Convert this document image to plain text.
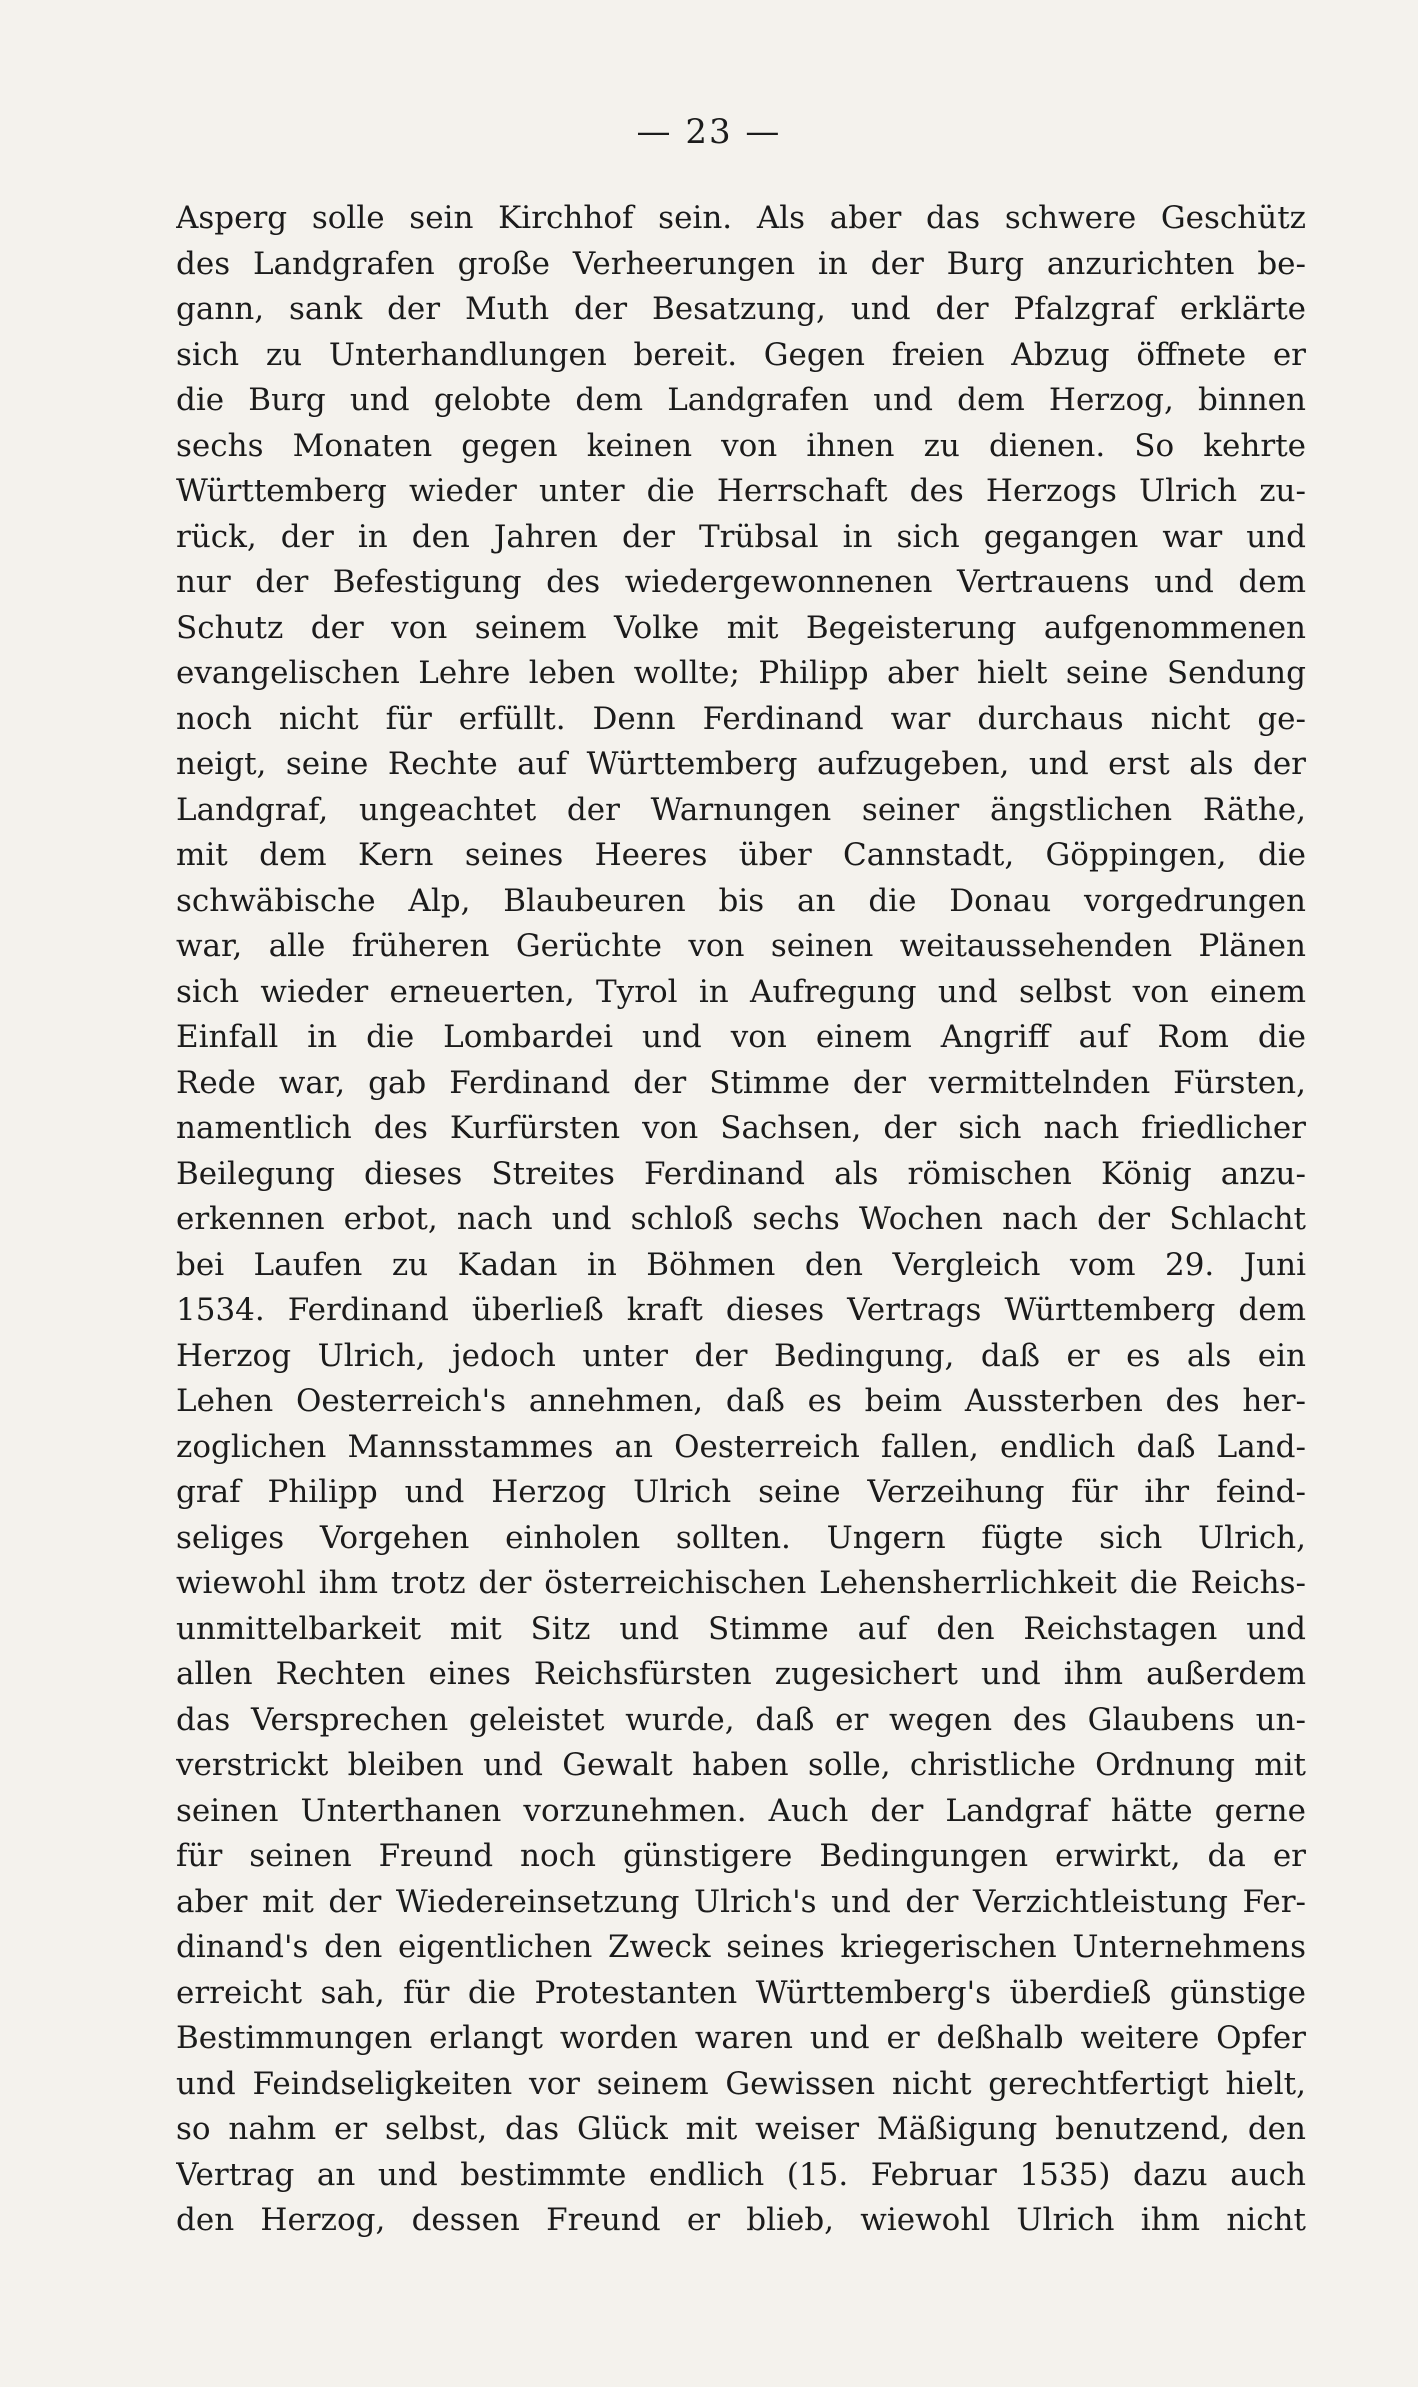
— 23 —
Asperg solle sein Kirchhof sein. Als aber das schwere Geschütz
des Landgrafen große Verheerungen in der Burg anzurichten be-
gann, sank der Muth der Besatzung, und der Pfalzgraf erklärte
sich zu Unterhandlungen bereit. Gegen freien Abzug öffnete er
die Burg und gelobte dem Landgrafen und dem Herzog, binnen
sechs Monaten gegen keinen von ihnen zu dienen. So kehrte
Württemberg wieder unter die Herrschaft des Herzogs Ulrich zu-
rück, der in den Jahren der Trübsal in sich gegangen war und
nur der Befestigung des wiedergewonnenen Vertrauens und dem
Schutz der von seinem Volke mit Begeisterung aufgenommenen
evangelischen Lehre leben wollte; Philipp aber hielt seine Sendung
noch nicht für erfüllt. Denn Ferdinand war durchaus nicht ge-
neigt, seine Rechte auf Württemberg aufzugeben, und erst als der
Landgraf, ungeachtet der Warnungen seiner ängstlichen Räthe,
mit dem Kern seines Heeres über Cannstadt, Göppingen, die
schwäbische Alp, Blaubeuren bis an die Donau vorgedrungen
war, alle früheren Gerüchte von seinen weitaussehenden Plänen
sich wieder erneuerten, Tyrol in Aufregung und selbst von einem
Einfall in die Lombardei und von einem Angriff auf Rom die
Rede war, gab Ferdinand der Stimme der vermittelnden Fürsten,
namentlich des Kurfürsten von Sachsen, der sich nach friedlicher
Beilegung dieses Streites Ferdinand als römischen König anzu-
erkennen erbot, nach und schloß sechs Wochen nach der Schlacht
bei Laufen zu Kadan in Böhmen den Vergleich vom 29. Juni
1534. Ferdinand überließ kraft dieses Vertrags Württemberg dem
Herzog Ulrich, jedoch unter der Bedingung, daß er es als ein
Lehen Oesterreich's annehmen, daß es beim Aussterben des her-
zoglichen Mannsstammes an Oesterreich fallen, endlich daß Land-
graf Philipp und Herzog Ulrich seine Verzeihung für ihr feind-
seliges Vorgehen einholen sollten. Ungern fügte sich Ulrich,
wiewohl ihm trotz der österreichischen Lehensherrlichkeit die Reichs-
unmittelbarkeit mit Sitz und Stimme auf den Reichstagen und
allen Rechten eines Reichsfürsten zugesichert und ihm außerdem
das Versprechen geleistet wurde, daß er wegen des Glaubens un-
verstrickt bleiben und Gewalt haben solle, christliche Ordnung mit
seinen Unterthanen vorzunehmen. Auch der Landgraf hätte gerne
für seinen Freund noch günstigere Bedingungen erwirkt, da er
aber mit der Wiedereinsetzung Ulrich's und der Verzichtleistung Fer-
dinand's den eigentlichen Zweck seines kriegerischen Unternehmens
erreicht sah, für die Protestanten Württemberg's überdieß günstige
Bestimmungen erlangt worden waren und er deßhalb weitere Opfer
und Feindseligkeiten vor seinem Gewissen nicht gerechtfertigt hielt,
so nahm er selbst, das Glück mit weiser Mäßigung benutzend, den
Vertrag an und bestimmte endlich (15. Februar 1535) dazu auch
den Herzog, dessen Freund er blieb, wiewohl Ulrich ihm nicht
